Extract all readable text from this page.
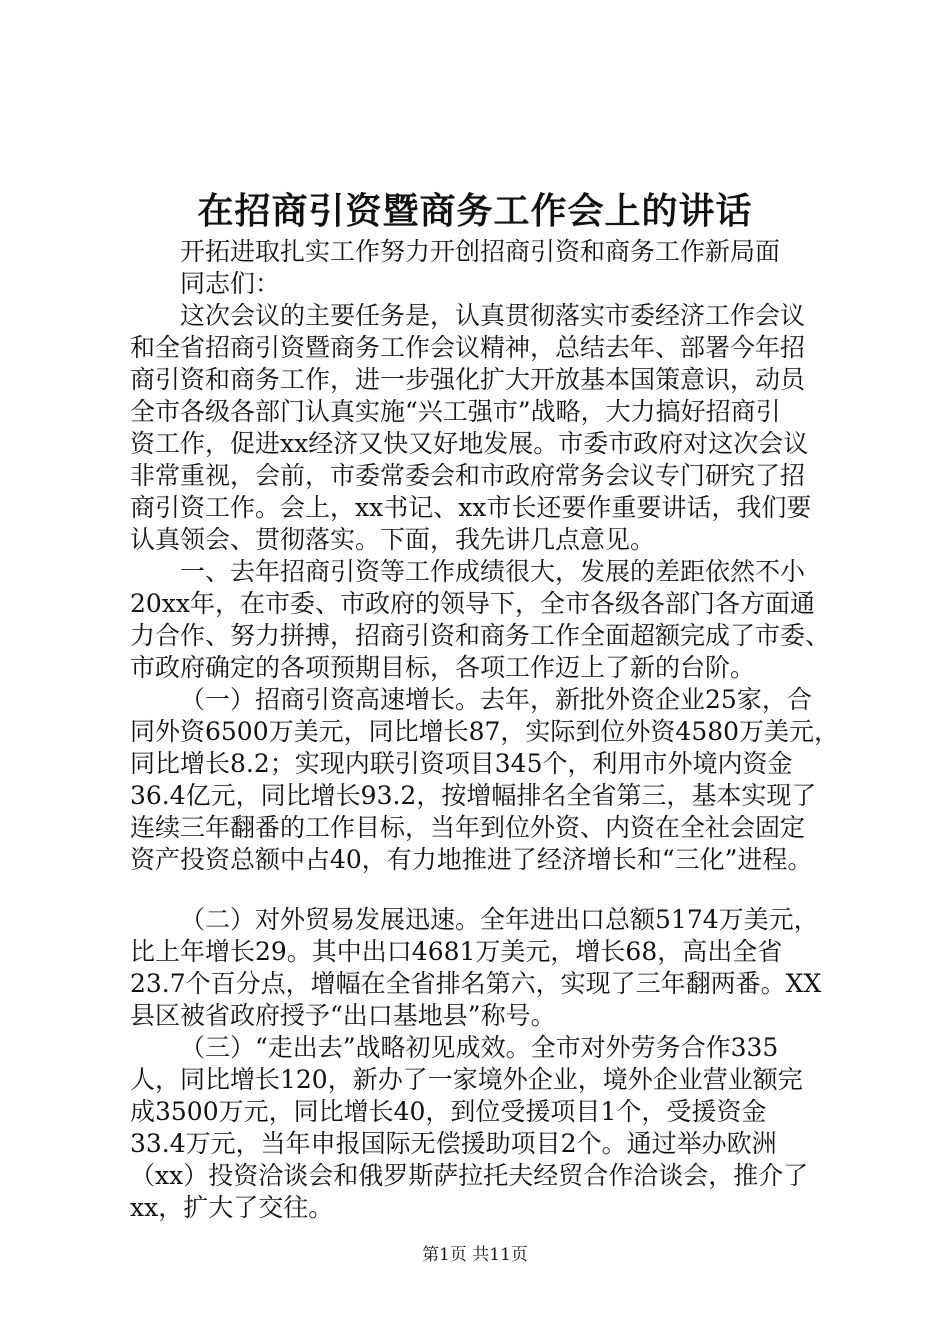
在招商引资暨商务工作会上的讲话
开拓进取扎实工作努力开创招商引资和商务工作新局面
同志们：
这次会议的主要任务是，认真贯彻落实市委经济工作会议
和全省招商引资暨商务工作会议精神，总结去年、部署今年招
商引资和商务工作，进一步强化扩大开放基本国策意识，动员
全市各级各部门认真实施“兴工强市”战略，大力搞好招商引
资工作，促进xx经济又快又好地发展。市委市政府对这次会议
非常重视，会前，市委常委会和市政府常务会议专门研究了招
商引资工作。会上，xx书记、xx市长还要作重要讲话，我们要
认真领会、贯彻落实。下面，我先讲几点意见。
一、去年招商引资等工作成绩很大，发展的差距依然不小
20xx年，在市委、市政府的领导下，全市各级各部门各方面通
力合作、努力拼搏，招商引资和商务工作全面超额完成了市委、
市政府确定的各项预期目标，各项工作迈上了新的台阶。
（一）招商引资高速增长。去年，新批外资企业25家，合
同外资6500万美元，同比增长87，实际到位外资4580万美元，
同比增长8.2；实现内联引资项目345个，利用市外境内资金
36.4亿元，同比增长93.2，按增幅排名全省第三，基本实现了
连续三年翻番的工作目标，当年到位外资、内资在全社会固定
资产投资总额中占40，有力地推进了经济增长和“三化”进程。
（二）对外贸易发展迅速。全年进出口总额5174万美元，
比上年增长29。其中出口4681万美元，增长68，高出全省
23.7个百分点，增幅在全省排名第六，实现了三年翻两番。XX
县区被省政府授予“出口基地县”称号。
（三）“走出去”战略初见成效。全市对外劳务合作335
人，同比增长120，新办了一家境外企业，境外企业营业额完
成3500万元，同比增长40，到位受援项目1个，受援资金
33.4万元，当年申报国际无偿援助项目2个。通过举办欧洲
（xx）投资洽谈会和俄罗斯萨拉托夫经贸合作洽谈会，推介了
xx，扩大了交往。
第1页 共11页
